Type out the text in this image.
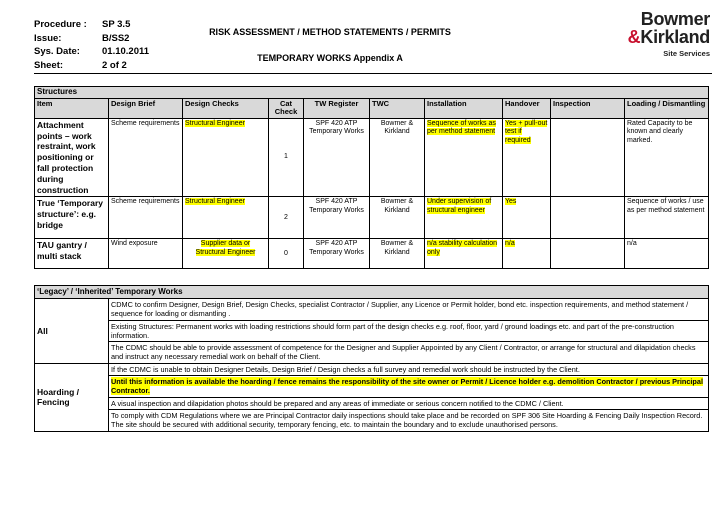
Procedure :	SP 3.5
Issue:	B/SS2
Sys. Date:	01.10.2011
Sheet:	2 of 2
RISK ASSESSMENT / METHOD STATEMENTS / PERMITS
TEMPORARY WORKS Appendix A
Bowmer
&Kirkland
Site Services
Structures									
Item	Design Brief	Design Checks	Cat Check	TW Register	TWC	Installation	Handover	Inspection	Loading / Dismantling
Attachment points – work restraint, work positioning or fall protection during construction	Scheme requirements	Structural Engineer	1	SPF 420 ATP Temporary Works	Bowmer & Kirkland	Sequence of works as per method statement	Yes + pull-out test if required		Rated Capacity to be known and clearly marked.
True ‘Temporary structure’: e.g. bridge	Scheme requirements	Structural Engineer	2	SPF 420 ATP Temporary Works	Bowmer & Kirkland	Under supervision of structural engineer	Yes		Sequence of works / use as per method statement
TAU gantry / multi stack	Wind exposure	Supplier data or Structural Engineer	0	SPF 420 ATP Temporary Works	Bowmer & Kirkland	n/a stability calculation only	n/a		n/a
‘Legacy’ / ‘Inherited’ Temporary Works	
All	CDMC to confirm Designer, Design Brief, Design Checks, specialist Contractor / Supplier, any Licence or Permit holder, bond etc. inspection requirements, and method statement / sequence for loading or dismantling .
	Existing Structures: Permanent works with loading restrictions should form part of the design checks e.g. roof, floor, yard / ground loadings etc. and part of the pre-construction information.
	The CDMC should be able to provide assessment of competence for the Designer and Supplier Appointed by any Client / Contractor, or arrange for structural and dilapidation checks and instruct any necessary remedial work on behalf of the Client.
Hoarding / Fencing	If the CDMC is unable to obtain Designer Details, Design Brief / Design checks a full survey and remedial work should be instructed by the Client.
	Until this information is available the hoarding / fence remains the responsibility of the site owner or Permit / Licence holder e.g. demolition Contractor / previous Principal Contractor.
	A visual inspection and dilapidation photos should be prepared and any areas of immediate or serious concern notified to the CDMC / Client.
	To comply with CDM Regulations where we are Principal Contractor daily inspections should take place and be recorded on SPF 306 Site Hoarding & Fencing Daily Inspection Record. The site should be secured with additional security, temporary fencing, etc. to maintain the boundary and to exclude unauthorised persons.
